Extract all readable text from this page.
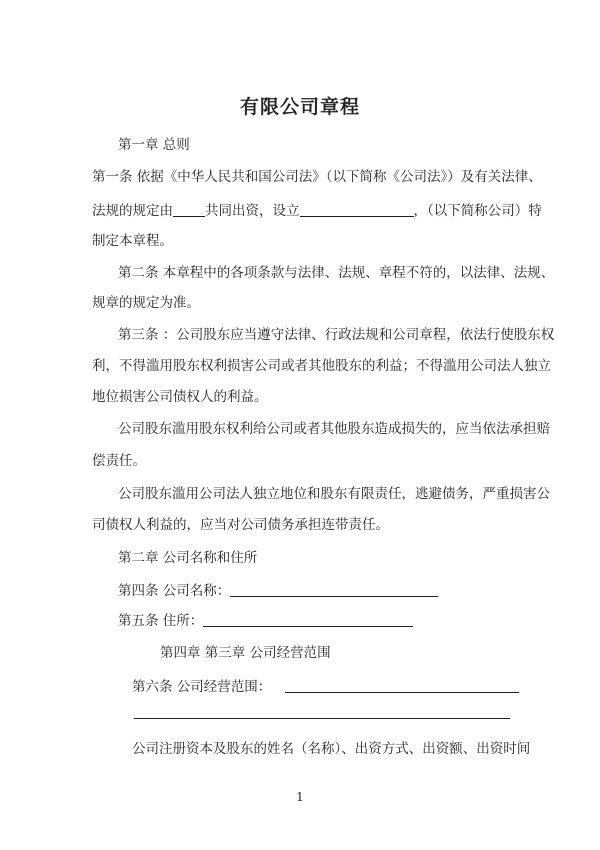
有限公司章程
第一章 总则
第一条 依据《中华人民共和国公司法》（以下简称《公司法》）及有关法律、
法规的规定由 共同出资，设立	，（以下简称公司）特
制定本章程。
第二条 本章程中的各项条款与法律、法规、章程不符的，以法律、法规、
规章的规定为准。
第三条 ：公司股东应当遵守法律、行政法规和公司章程，依法行使股东权
利，不得滥用股东权利损害公司或者其他股东的利益；不得滥用公司法人独立
地位损害公司债权人的利益。
公司股东滥用股东权利给公司或者其他股东造成损失的，应当依法承担赔
偿责任。
公司股东滥用公司法人独立地位和股东有限责任，逃避债务，严重损害公
司债权人利益的，应当对公司债务承担连带责任。
第二章 公司名称和住所
第四条 公司名称：
第五条 住所：
第四章 第三章 公司经营范围
第六条 公司经营范围：
公司注册资本及股东的姓名（名称）、出资方式、出资额、出资时间
1
